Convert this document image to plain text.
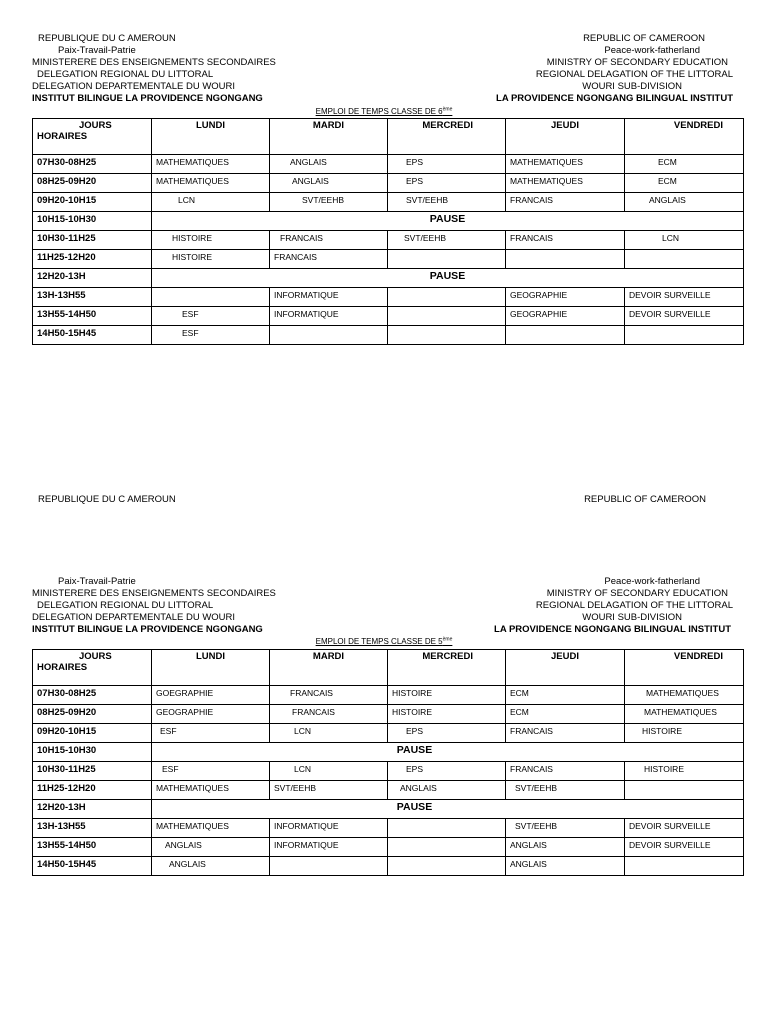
REPUBLIQUE DU C AMEROUN
Paix-Travail-Patrie
MINISTERERE DES ENSEIGNEMENTS SECONDAIRES
DELEGATION REGIONAL DU LITTORAL
DELEGATION DEPARTEMENTALE DU WOURI
INSTITUT BILINGUE LA PROVIDENCE NGONGANG
REPUBLIC OF CAMEROON
Peace-work-fatherland
MINISTRY OF SECONDARY EDUCATION
REGIONAL DELAGATION OF THE LITTORAL
WOURI SUB-DIVISION
LA PROVIDENCE NGONGANG BILINGUAL INSTITUT
EMPLOI DE TEMPS CLASSE DE 6ème
JOURS
HORAIRES	LUNDI	MARDI	MERCREDI	JEUDI	VENDREDI
07H30-08H25	MATHEMATIQUES	ANGLAIS	EPS	MATHEMATIQUES	ECM
08H25-09H20	MATHEMATIQUES	ANGLAIS	EPS	MATHEMATIQUES	ECM
09H20-10H15	LCN	SVT/EEHB	SVT/EEHB	FRANCAIS	ANGLAIS
10H15-10H30	PAUSE				
10H30-11H25	HISTOIRE	FRANCAIS	SVT/EEHB	FRANCAIS	LCN
11H25-12H20	HISTOIRE	FRANCAIS			
12H20-13H	PAUSE				
13H-13H55		INFORMATIQUE		GEOGRAPHIE	DEVOIR SURVEILLE
13H55-14H50	ESF	INFORMATIQUE		GEOGRAPHIE	DEVOIR SURVEILLE
14H50-15H45	ESF				
REPUBLIQUE DU C AMEROUN
Paix-Travail-Patrie
MINISTERERE DES ENSEIGNEMENTS SECONDAIRES
DELEGATION REGIONAL DU LITTORAL
DELEGATION DEPARTEMENTALE DU WOURI
INSTITUT BILINGUE LA PROVIDENCE NGONGANG
REPUBLIC OF CAMEROON
Peace-work-fatherland
MINISTRY OF SECONDARY EDUCATION
REGIONAL DELAGATION OF THE LITTORAL
WOURI SUB-DIVISION
LA PROVIDENCE NGONGANG BILINGUAL INSTITUT
EMPLOI DE TEMPS CLASSE DE 5ème
JOURS
HORAIRES	LUNDI	MARDI	MERCREDI	JEUDI	VENDREDI
07H30-08H25	GOEGRAPHIE	FRANCAIS	HISTOIRE	ECM	MATHEMATIQUES
08H25-09H20	GEOGRAPHIE	FRANCAIS	HISTOIRE	ECM	MATHEMATIQUES
09H20-10H15	ESF	LCN	EPS	FRANCAIS	HISTOIRE
10H15-10H30	PAUSE				
10H30-11H25	ESF	LCN	EPS	FRANCAIS	HISTOIRE
11H25-12H20	MATHEMATIQUES	SVT/EEHB	ANGLAIS	SVT/EEHB	
12H20-13H	PAUSE				
13H-13H55	MATHEMATIQUES	INFORMATIQUE		SVT/EEHB	DEVOIR SURVEILLE
13H55-14H50	ANGLAIS	INFORMATIQUE		ANGLAIS	DEVOIR SURVEILLE
14H50-15H45	ANGLAIS			ANGLAIS	
